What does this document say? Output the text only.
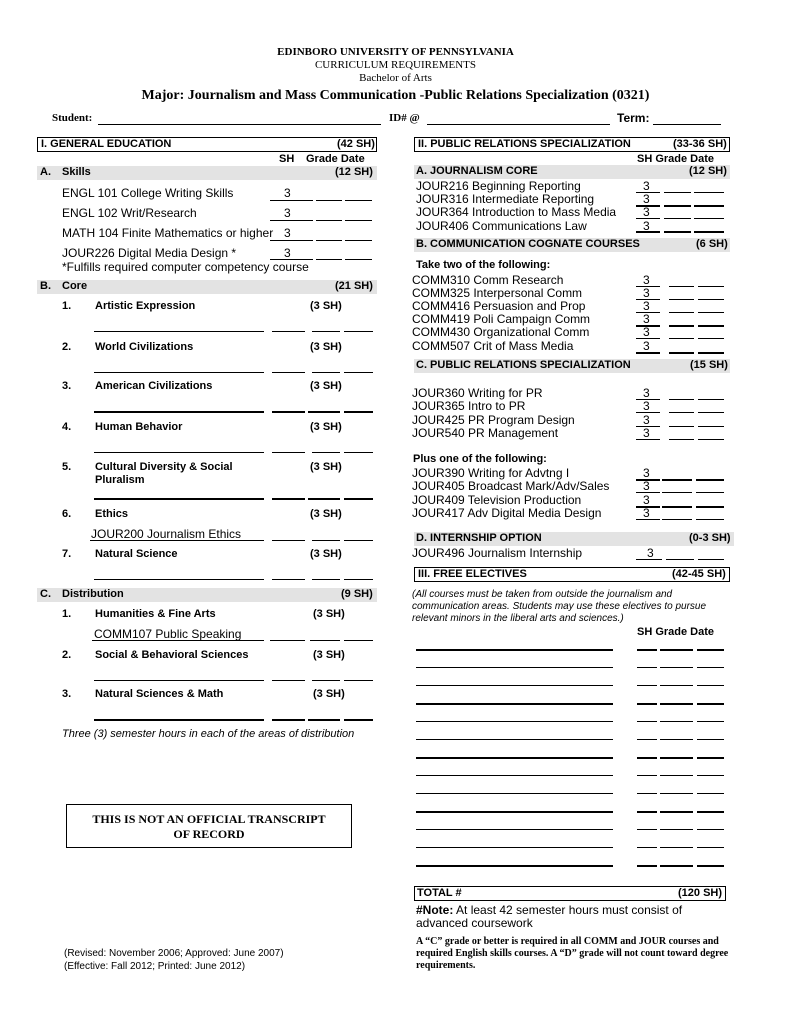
EDINBORO UNIVERSITY OF PENNSYLVANIA
CURRICULUM REQUIREMENTS
Bachelor of Arts
Major: Journalism and Mass Communication -Public Relations Specialization (0321)
Student:	ID# @	Term:
I. GENERAL EDUCATION	(42 SH)
SH Grade Date
A. Skills	(12 SH)
ENGL 101 College Writing Skills	3
ENGL 102 Writ/Research	3
MATH 104 Finite Mathematics or higher 3
JOUR226 Digital Media Design *	3
*Fulfills required computer competency course
B. Core	(21 SH)
1. Artistic Expression	(3 SH)
2. World Civilizations	(3 SH)
3. American Civilizations	(3 SH)
4. Human Behavior	(3 SH)
5. Cultural Diversity & Social
Pluralism
(3 SH)
6. Ethics	(3 SH)
JOUR200 Journalism Ethics
7. Natural Science	(3 SH)
C. Distribution	(9 SH)
1. Humanities & Fine Arts	(3 SH)
COMM107 Public Speaking
2. Social & Behavioral Sciences	(3 SH)
3. Natural Sciences & Math	(3 SH)
Three (3) semester hours in each of the areas of distribution
THIS IS NOT AN OFFICIAL TRANSCRIPT
OF RECORD
(Revised: November 2006; Approved: June 2007)
(Effective: Fall 2012; Printed: June 2012)
II. PUBLIC RELATIONS SPECIALIZATION	(33-36 SH)
SH Grade Date
A. JOURNALISM CORE	(12 SH)
JOUR216 Beginning Reporting	3
JOUR316 Intermediate Reporting	3
JOUR364 Introduction to Mass Media 3
JOUR406 Communications Law	3
B. COMMUNICATION COGNATE COURSES	(6 SH)
Take two of the following:
COMM310 Comm Research	3
COMM325 Interpersonal Comm	3
COMM416 Persuasion and Prop	3
COMM419 Poli Campaign Comm	3
COMM430 Organizational Comm	3
COMM507 Crit of Mass Media	3
C. PUBLIC RELATIONS SPECIALIZATION	(15 SH)
JOUR360 Writing for PR	3
JOUR365 Intro to PR	3
JOUR425 PR Program Design	3
JOUR540 PR Management	3
Plus one of the following:
JOUR390 Writing for Advtng I	3
JOUR405 Broadcast Mark/Adv/Sales	3
JOUR409 Television Production	3
JOUR417 Adv Digital Media Design	3
D. INTERNSHIP OPTION	(0-3 SH)
JOUR496 Journalism Internship	3
III. FREE ELECTIVES	(42-45 SH)
(All courses must be taken from outside the journalism and
communication areas. Students may use these electives to pursue
relevant minors in the liberal arts and sciences.)
SH Grade Date
TOTAL #	(120 SH)
#Note: At least 42 semester hours must consist of
advanced coursework
A “C” grade or better is required in all COMM and JOUR courses and
required English skills courses. A “D” grade will not count toward degree
requirements.
